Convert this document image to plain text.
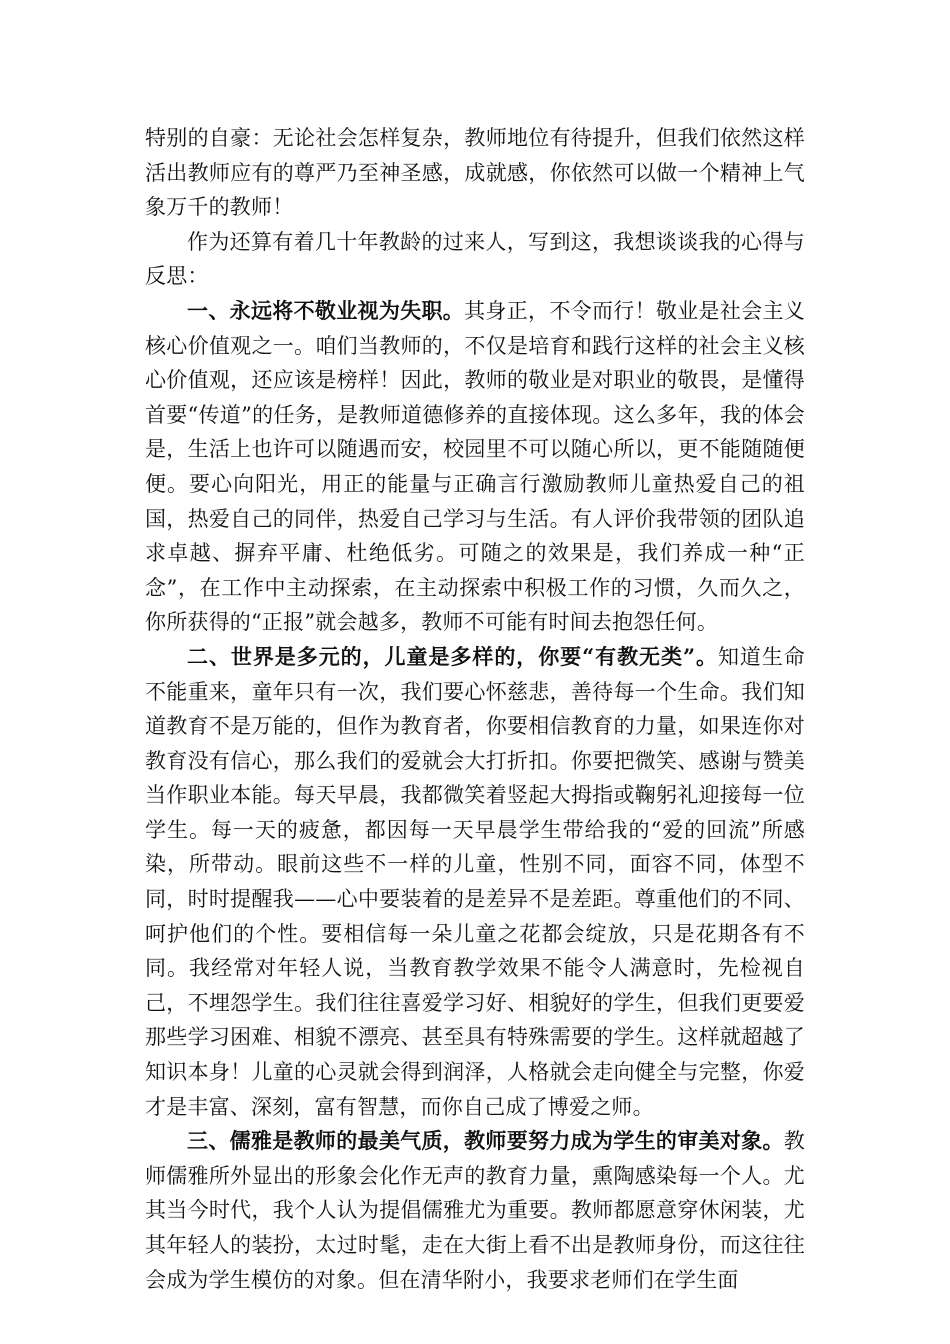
特别的自豪：无论社会怎样复杂，教师地位有待提升，但我们依然这样活出教师应有的尊严乃至神圣感，成就感，你依然可以做一个精神上气象万千的教师！

作为还算有着几十年教龄的过来人，写到这，我想谈谈我的心得与反思：

一、永远将不敬业视为失职。其身正，不令而行！敬业是社会主义核心价值观之一。咱们当教师的，不仅是培育和践行这样的社会主义核心价值观，还应该是榜样！因此，教师的敬业是对职业的敬畏，是懂得首要“传道”的任务，是教师道德修养的直接体现。这么多年，我的体会是，生活上也许可以随遇而安，校园里不可以随心所以，更不能随随便便。要心向阳光，用正的能量与正确言行激励教师儿童热爱自己的祖国，热爱自己的同伴，热爱自己学习与生活。有人评价我带领的团队追求卓越、摒弃平庸、杜绝低劣。可随之的效果是，我们养成一种“正念”，在工作中主动探索，在主动探索中积极工作的习惯，久而久之，你所获得的“正报”就会越多，教师不可能有时间去抱怨任何。

二、世界是多元的，儿童是多样的，你要“有教无类”。知道生命不能重来，童年只有一次，我们要心怀慈悲，善待每一个生命。我们知道教育不是万能的，但作为教育者，你要相信教育的力量，如果连你对教育没有信心，那么我们的爱就会大打折扣。你要把微笑、感谢与赞美当作职业本能。每天早晨，我都微笑着竖起大拇指或鞠躬礼迎接每一位学生。每一天的疲惫，都因每一天早晨学生带给我的“爱的回流”所感染，所带动。眼前这些不一样的儿童，性别不同，面容不同，体型不同，时时提醒我——心中要装着的是差异不是差距。尊重他们的不同、呵护他们的个性。要相信每一朵儿童之花都会绽放，只是花期各有不同。我经常对年轻人说，当教育教学效果不能令人满意时，先检视自己，不埋怨学生。我们往往喜爱学习好、相貌好的学生，但我们更要爱那些学习困难、相貌不漂亮、甚至具有特殊需要的学生。这样就超越了知识本身！儿童的心灵就会得到润泽，人格就会走向健全与完整，你爱才是丰富、深刻，富有智慧，而你自己成了博爱之师。

三、儒雅是教师的最美气质，教师要努力成为学生的审美对象。教师儒雅所外显出的形象会化作无声的教育力量，熏陶感染每一个人。尤其当今时代，我个人认为提倡儒雅尤为重要。教师都愿意穿休闲装，尤其年轻人的装扮，太过时髦，走在大街上看不出是教师身份，而这往往会成为学生模仿的对象。但在清华附小，我要求老师们在学生面
